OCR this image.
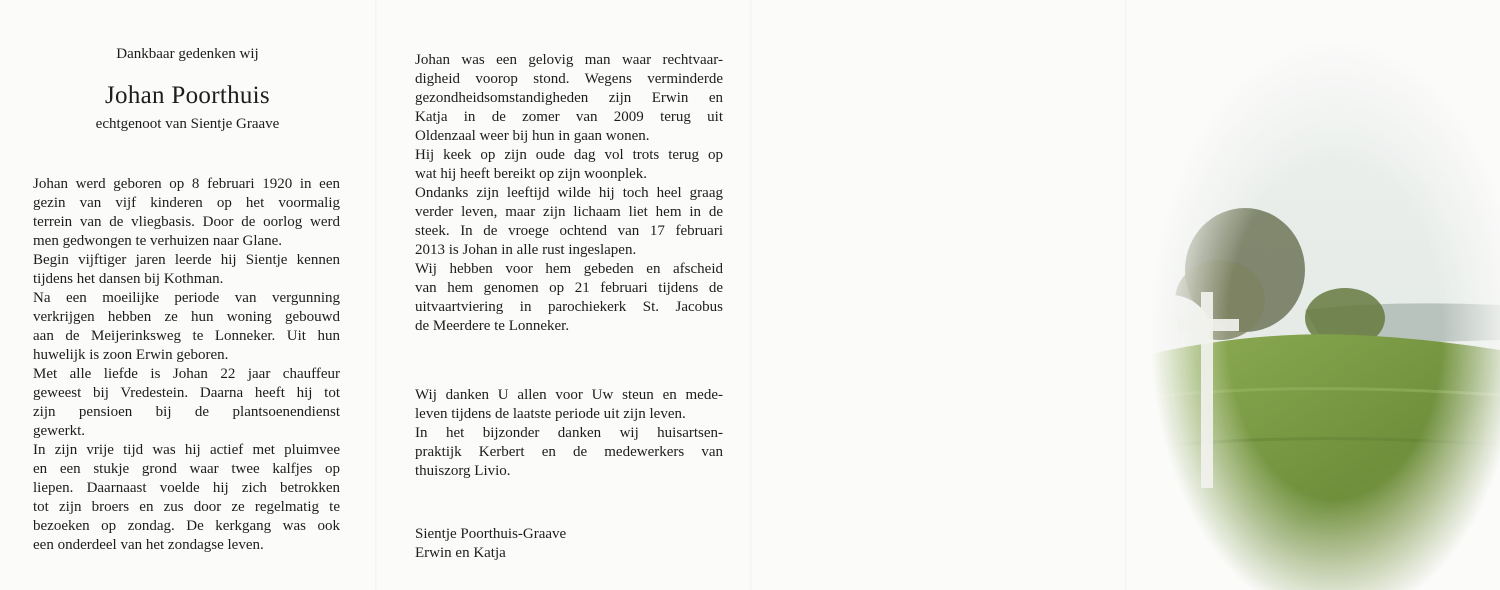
Dankbaar gedenken wij
Johan Poorthuis
echtgenoot van Sientje Graave
Johan werd geboren op 8 februari 1920 in een
gezin van vijf kinderen op het voormalig
terrein van de vliegbasis. Door de oorlog werd
men gedwongen te verhuizen naar Glane.
Begin vijftiger jaren leerde hij Sientje kennen
tijdens het dansen bij Kothman.
Na een moeilijke periode van vergunning
verkrijgen hebben ze hun woning gebouwd
aan de Meijerinksweg te Lonneker. Uit hun
huwelijk is zoon Erwin geboren.
Met alle liefde is Johan 22 jaar chauffeur
geweest bij Vredestein. Daarna heeft hij tot
zijn pensioen bij de plantsoenendienst
gewerkt.
In zijn vrije tijd was hij actief met pluimvee
en een stukje grond waar twee kalfjes op
liepen. Daarnaast voelde hij zich betrokken
tot zijn broers en zus door ze regelmatig te
bezoeken op zondag. De kerkgang was ook
een onderdeel van het zondagse leven.
Johan was een gelovig man waar rechtvaar-
digheid voorop stond. Wegens verminderde
gezondheidsomstandigheden zijn Erwin en
Katja in de zomer van 2009 terug uit
Oldenzaal weer bij hun in gaan wonen.
Hij keek op zijn oude dag vol trots terug op
wat hij heeft bereikt op zijn woonplek.
Ondanks zijn leeftijd wilde hij toch heel graag
verder leven, maar zijn lichaam liet hem in de
steek. In de vroege ochtend van 17 februari
2013 is Johan in alle rust ingeslapen.
Wij hebben voor hem gebeden en afscheid
van hem genomen op 21 februari tijdens de
uitvaartviering in parochiekerk St. Jacobus
de Meerdere te Lonneker.
Wij danken U allen voor Uw steun en mede-
leven tijdens de laatste periode uit zijn leven.
In het bijzonder danken wij huisartsen-
praktijk Kerbert en de medewerkers van
thuiszorg Livio.
Sientje Poorthuis-Graave
Erwin en Katja
